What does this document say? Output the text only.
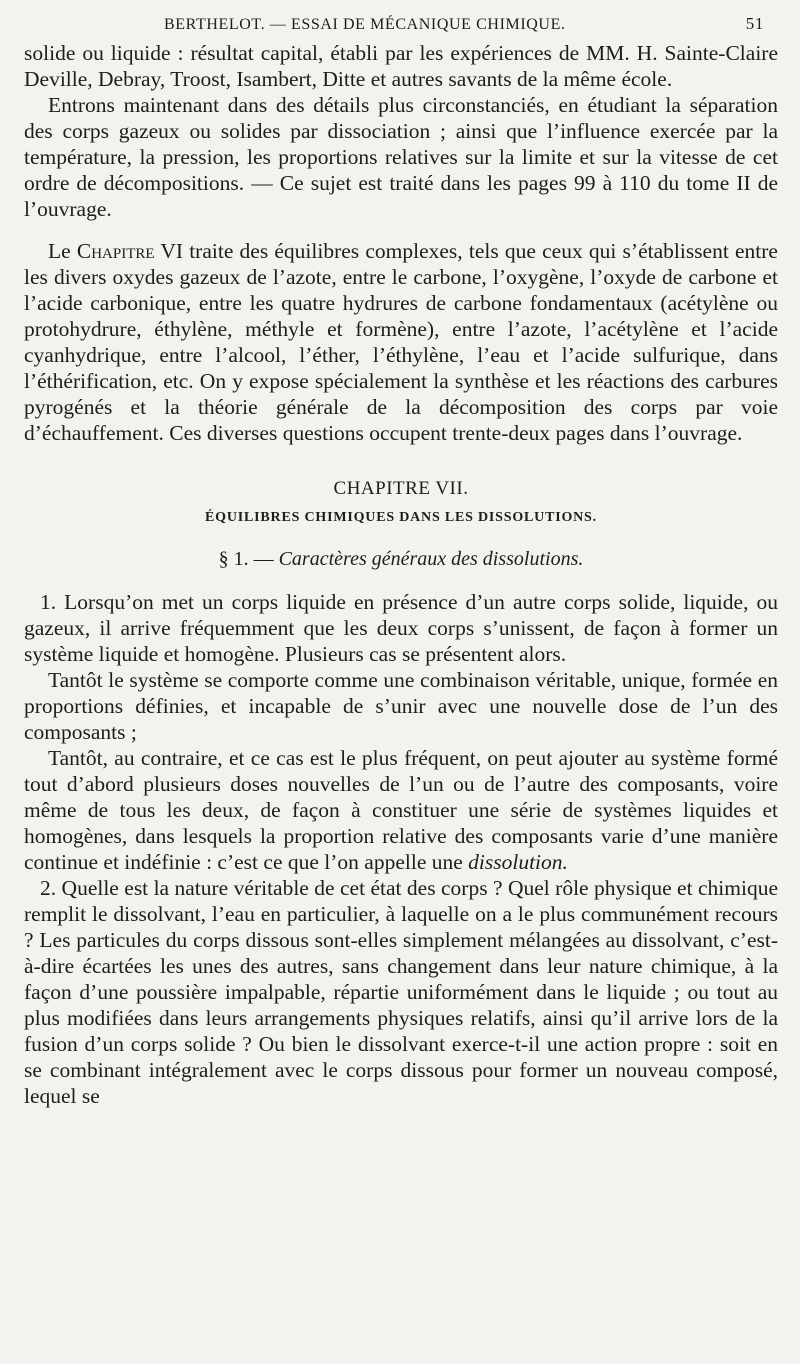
BERTHELOT. — ESSAI DE MÉCANIQUE CHIMIQUE.	51

solide ou liquide : résultat capital, établi par les expériences de MM. H. Sainte-Claire Deville, Debray, Troost, Isambert, Ditte et autres savants de la même école.

Entrons maintenant dans des détails plus circonstanciés, en étudiant la séparation des corps gazeux ou solides par dissociation ; ainsi que l’influence exercée par la température, la pression, les proportions relatives sur la limite et sur la vitesse de cet ordre de décompositions. — Ce sujet est traité dans les pages 99 à 110 du tome II de l’ouvrage.

Le Chapitre VI traite des équilibres complexes, tels que ceux qui s’établissent entre les divers oxydes gazeux de l’azote, entre le carbone, l’oxygène, l’oxyde de carbone et l’acide carbonique, entre les quatre hydrures de carbone fondamentaux (acétylène ou protohydrure, éthylène, méthyle et formène), entre l’azote, l’acétylène et l’acide cyanhydrique, entre l’alcool, l’éther, l’éthylène, l’eau et l’acide sulfurique, dans l’éthérification, etc. On y expose spécialement la synthèse et les réactions des carbures pyrogénés et la théorie générale de la décomposition des corps par voie d’échauffement. Ces diverses questions occupent trente-deux pages dans l’ouvrage.

CHAPITRE VII.
ÉQUILIBRES CHIMIQUES DANS LES DISSOLUTIONS.
§ 1. — Caractères généraux des dissolutions.

1. Lorsqu’on met un corps liquide en présence d’un autre corps solide, liquide, ou gazeux, il arrive fréquemment que les deux corps s’unissent, de façon à former un système liquide et homogène. Plusieurs cas se présentent alors.

Tantôt le système se comporte comme une combinaison véritable, unique, formée en proportions définies, et incapable de s’unir avec une nouvelle dose de l’un des composants ;

Tantôt, au contraire, et ce cas est le plus fréquent, on peut ajouter au système formé tout d’abord plusieurs doses nouvelles de l’un ou de l’autre des composants, voire même de tous les deux, de façon à constituer une série de systèmes liquides et homogènes, dans lesquels la proportion relative des composants varie d’une manière continue et indéfinie : c’est ce que l’on appelle une dissolution.

2. Quelle est la nature véritable de cet état des corps ? Quel rôle physique et chimique remplit le dissolvant, l’eau en particulier, à laquelle on a le plus communément recours ? Les particules du corps dissous sont-elles simplement mélangées au dissolvant, c’est-à-dire écartées les unes des autres, sans changement dans leur nature chimique, à la façon d’une poussière impalpable, répartie uniformément dans le liquide ; ou tout au plus modifiées dans leurs arrangements physiques relatifs, ainsi qu’il arrive lors de la fusion d’un corps solide ? Ou bien le dissolvant exerce-t-il une action propre : soit en se combinant intégralement avec le corps dissous pour former un nouveau composé, lequel se
